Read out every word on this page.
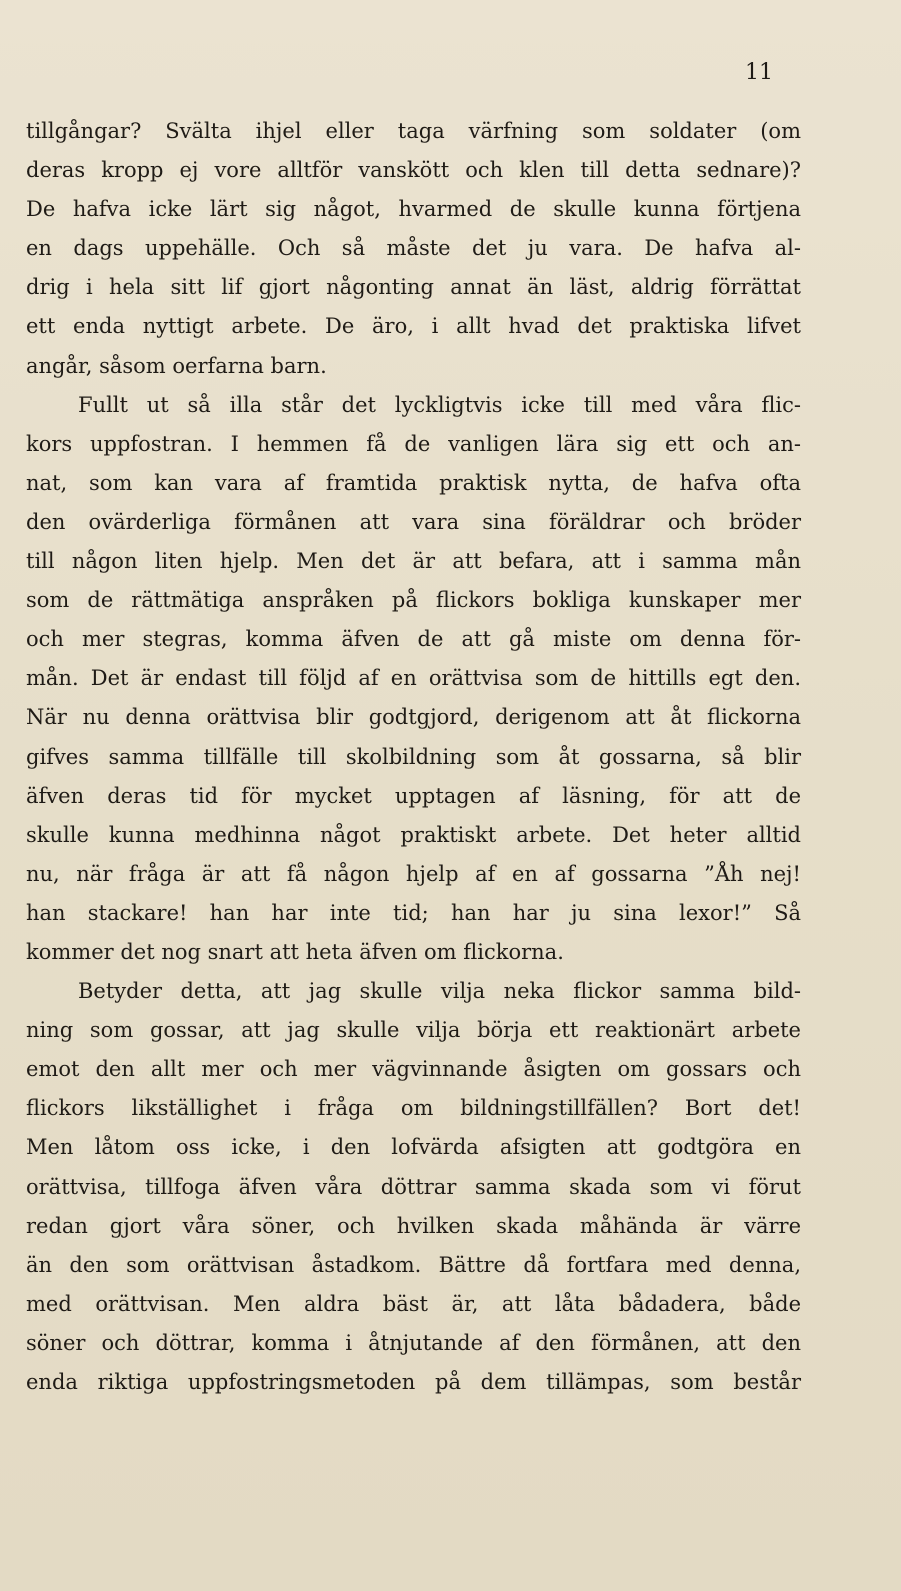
11
tillgångar? Svälta ihjel eller taga värfning som soldater (om
deras kropp ej vore alltför vanskött och klen till detta sednare)?
De hafva icke lärt sig något, hvarmed de skulle kunna förtjena
en dags uppehälle. Och så måste det ju vara. De hafva al-
drig i hela sitt lif gjort någonting annat än läst, aldrig förrättat
ett enda nyttigt arbete. De äro, i allt hvad det praktiska lifvet
angår, såsom oerfarna barn.
Fullt ut så illa står det lyckligtvis icke till med våra flic-
kors uppfostran. I hemmen få de vanligen lära sig ett och an-
nat, som kan vara af framtida praktisk nytta, de hafva ofta
den ovärderliga förmånen att vara sina föräldrar och bröder
till någon liten hjelp. Men det är att befara, att i samma mån
som de rättmätiga anspråken på flickors bokliga kunskaper mer
och mer stegras, komma äfven de att gå miste om denna för-
mån. Det är endast till följd af en orättvisa som de hittills egt den.
När nu denna orättvisa blir godtgjord, derigenom att åt flickorna
gifves samma tillfälle till skolbildning som åt gossarna, så blir
äfven deras tid för mycket upptagen af läsning, för att de
skulle kunna medhinna något praktiskt arbete. Det heter alltid
nu, när fråga är att få någon hjelp af en af gossarna ”Åh nej!
han stackare! han har inte tid; han har ju sina lexor!” Så
kommer det nog snart att heta äfven om flickorna.
Betyder detta, att jag skulle vilja neka flickor samma bild-
ning som gossar, att jag skulle vilja börja ett reaktionärt arbete
emot den allt mer och mer vägvinnande åsigten om gossars och
flickors likställighet i fråga om bildningstillfällen? Bort det!
Men låtom oss icke, i den lofvärda afsigten att godtgöra en
orättvisa, tillfoga äfven våra döttrar samma skada som vi förut
redan gjort våra söner, och hvilken skada måhända är värre
än den som orättvisan åstadkom. Bättre då fortfara med denna,
med orättvisan. Men aldra bäst är, att låta bådadera, både
söner och döttrar, komma i åtnjutande af den förmånen, att den
enda riktiga uppfostringsmetoden på dem tillämpas, som består
